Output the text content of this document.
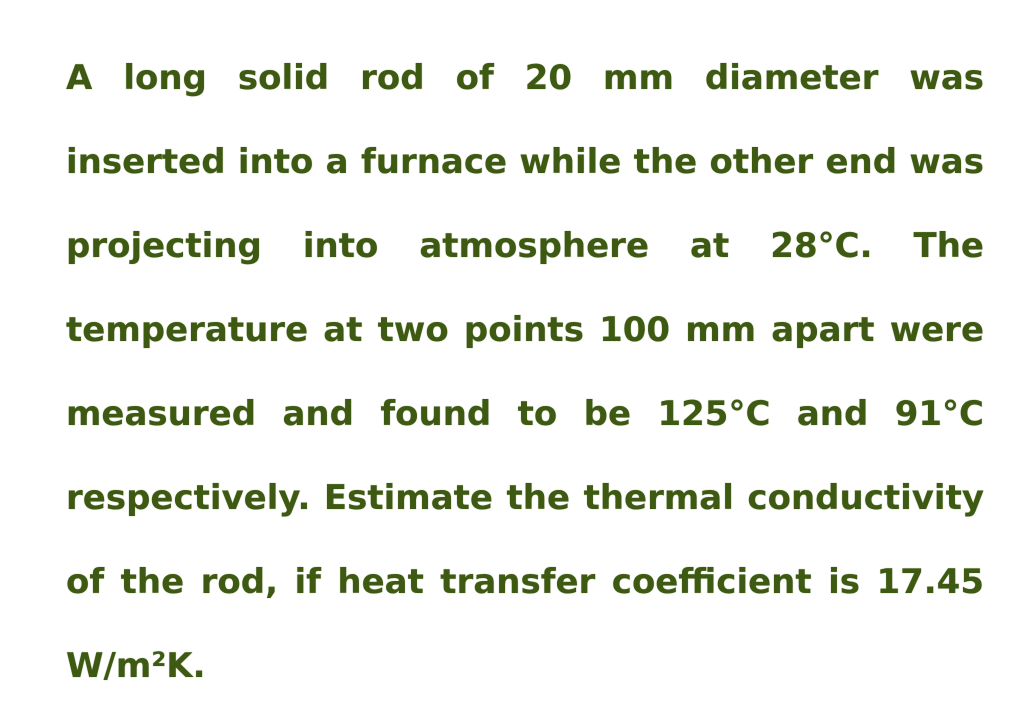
A long solid rod of 20 mm diameter was
inserted into a furnace while the other end was
projecting into atmosphere at 28°C. The
temperature at two points 100 mm apart were
measured and found to be 125°C and 91°C
respectively. Estimate the thermal conductivity
of the rod, if heat transfer coefficient is 17.45
W/m²K.
